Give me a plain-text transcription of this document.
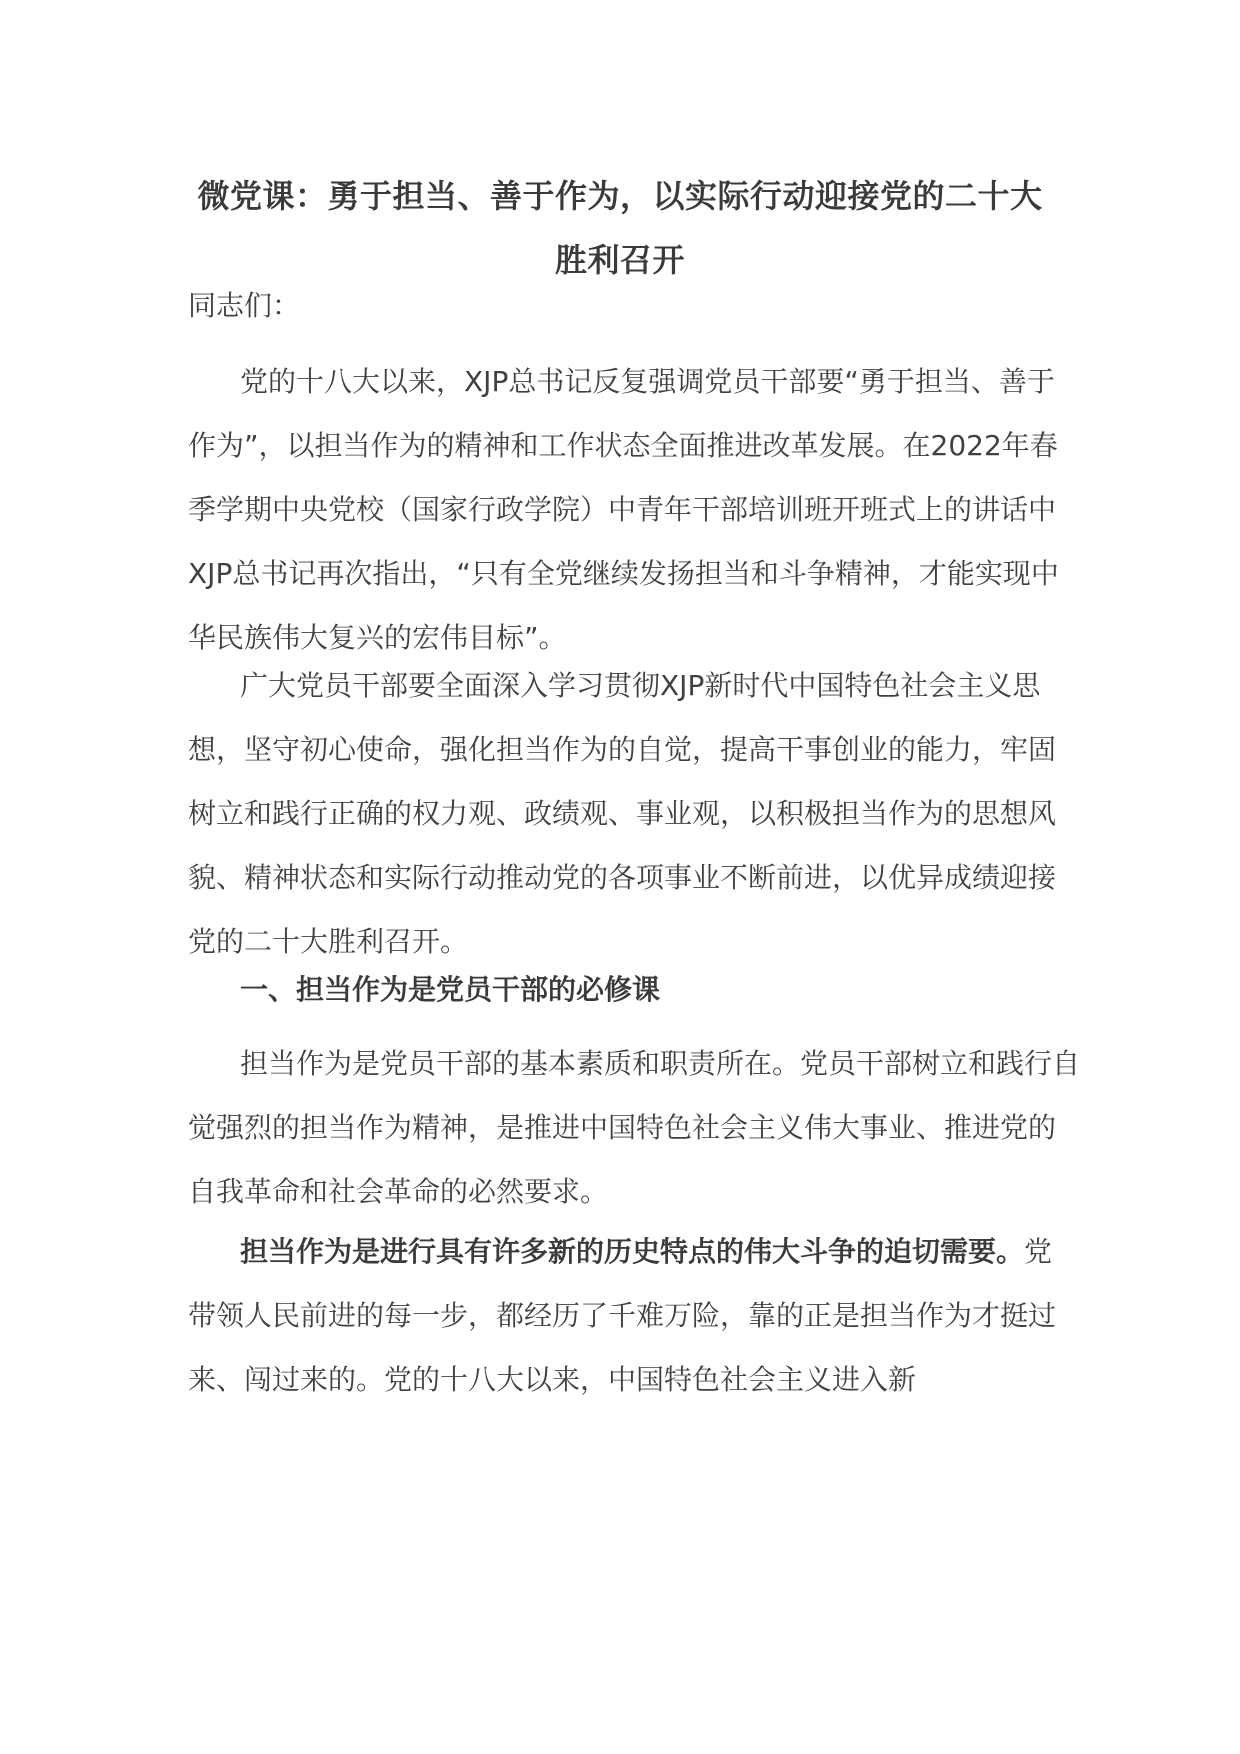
微党课：勇于担当、善于作为，以实际行动迎接党的二十大胜利召开

同志们：

党的十八大以来，XJP总书记反复强调党员干部要“勇于担当、善于作为”，以担当作为的精神和工作状态全面推进改革发展。在2022年春季学期中央党校（国家行政学院）中青年干部培训班开班式上的讲话中XJP总书记再次指出，“只有全党继续发扬担当和斗争精神，才能实现中华民族伟大复兴的宏伟目标”。

广大党员干部要全面深入学习贯彻XJP新时代中国特色社会主义思想，坚守初心使命，强化担当作为的自觉，提高干事创业的能力，牢固树立和践行正确的权力观、政绩观、事业观，以积极担当作为的思想风貌、精神状态和实际行动推动党的各项事业不断前进，以优异成绩迎接党的二十大胜利召开。

一、担当作为是党员干部的必修课

担当作为是党员干部的基本素质和职责所在。党员干部树立和践行自觉强烈的担当作为精神，是推进中国特色社会主义伟大事业、推进党的自我革命和社会革命的必然要求。

担当作为是进行具有许多新的历史特点的伟大斗争的迫切需要。党带领人民前进的每一步，都经历了千难万险，靠的正是担当作为才挺过来、闯过来的。党的十八大以来，中国特色社会主义进入新
